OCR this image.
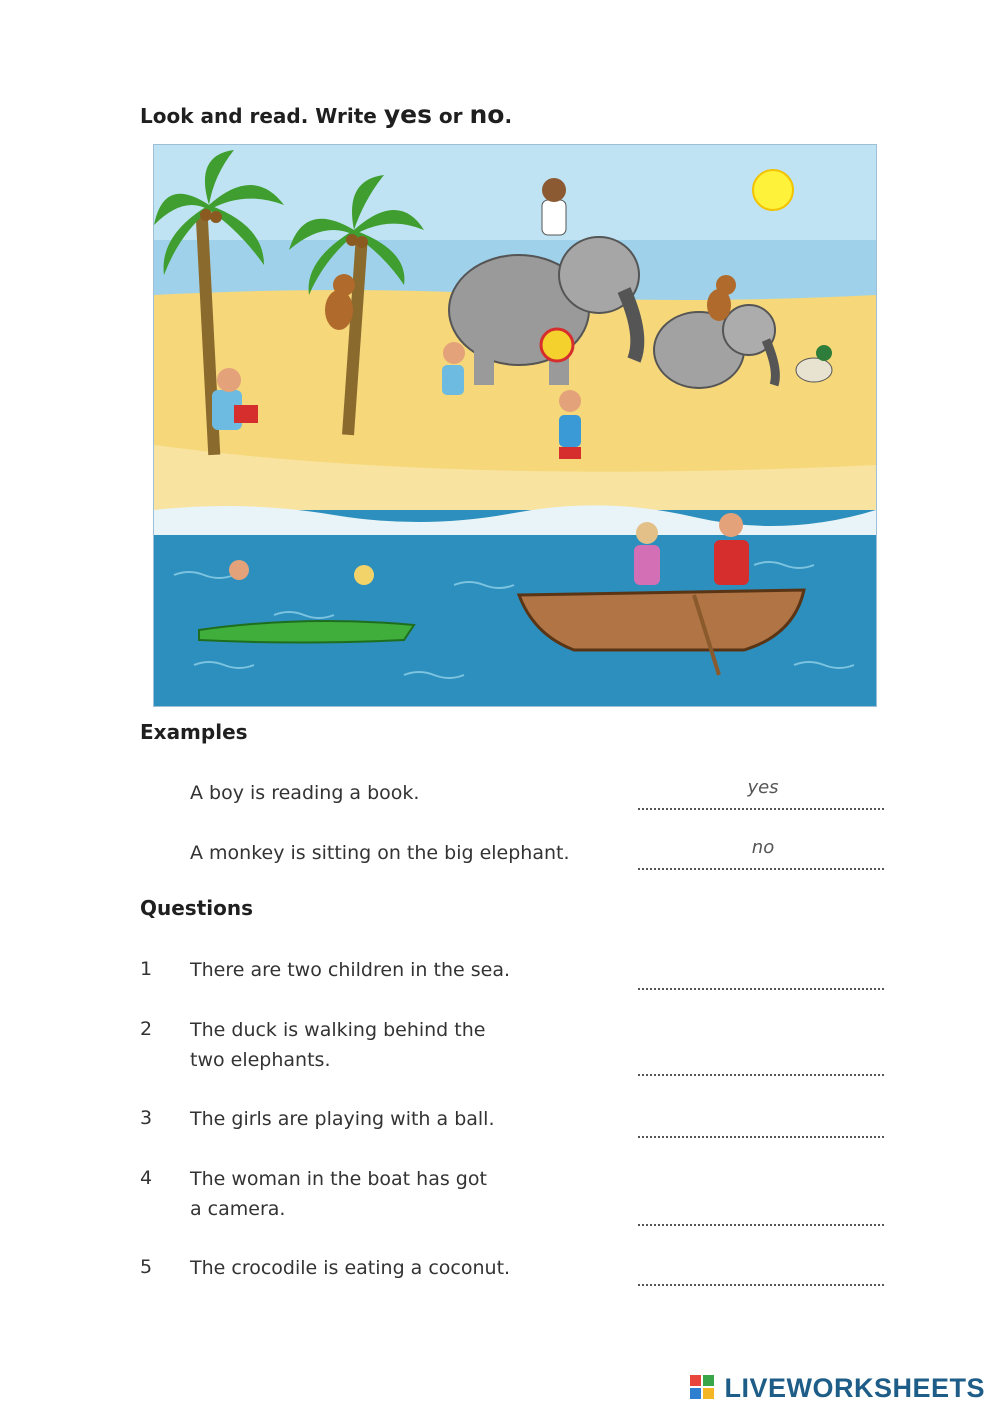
Look and read. Write yes or no.
Examples
A boy is reading a book.
yes
A monkey is sitting on the big elephant.
no
Questions
1 There are two children in the sea.
2 The duck is walking behind the
two elephants.
3 The girls are playing with a ball.
4 The woman in the boat has got
a camera.
5 The crocodile is eating a coconut.
LIVEWORKSHEETS
